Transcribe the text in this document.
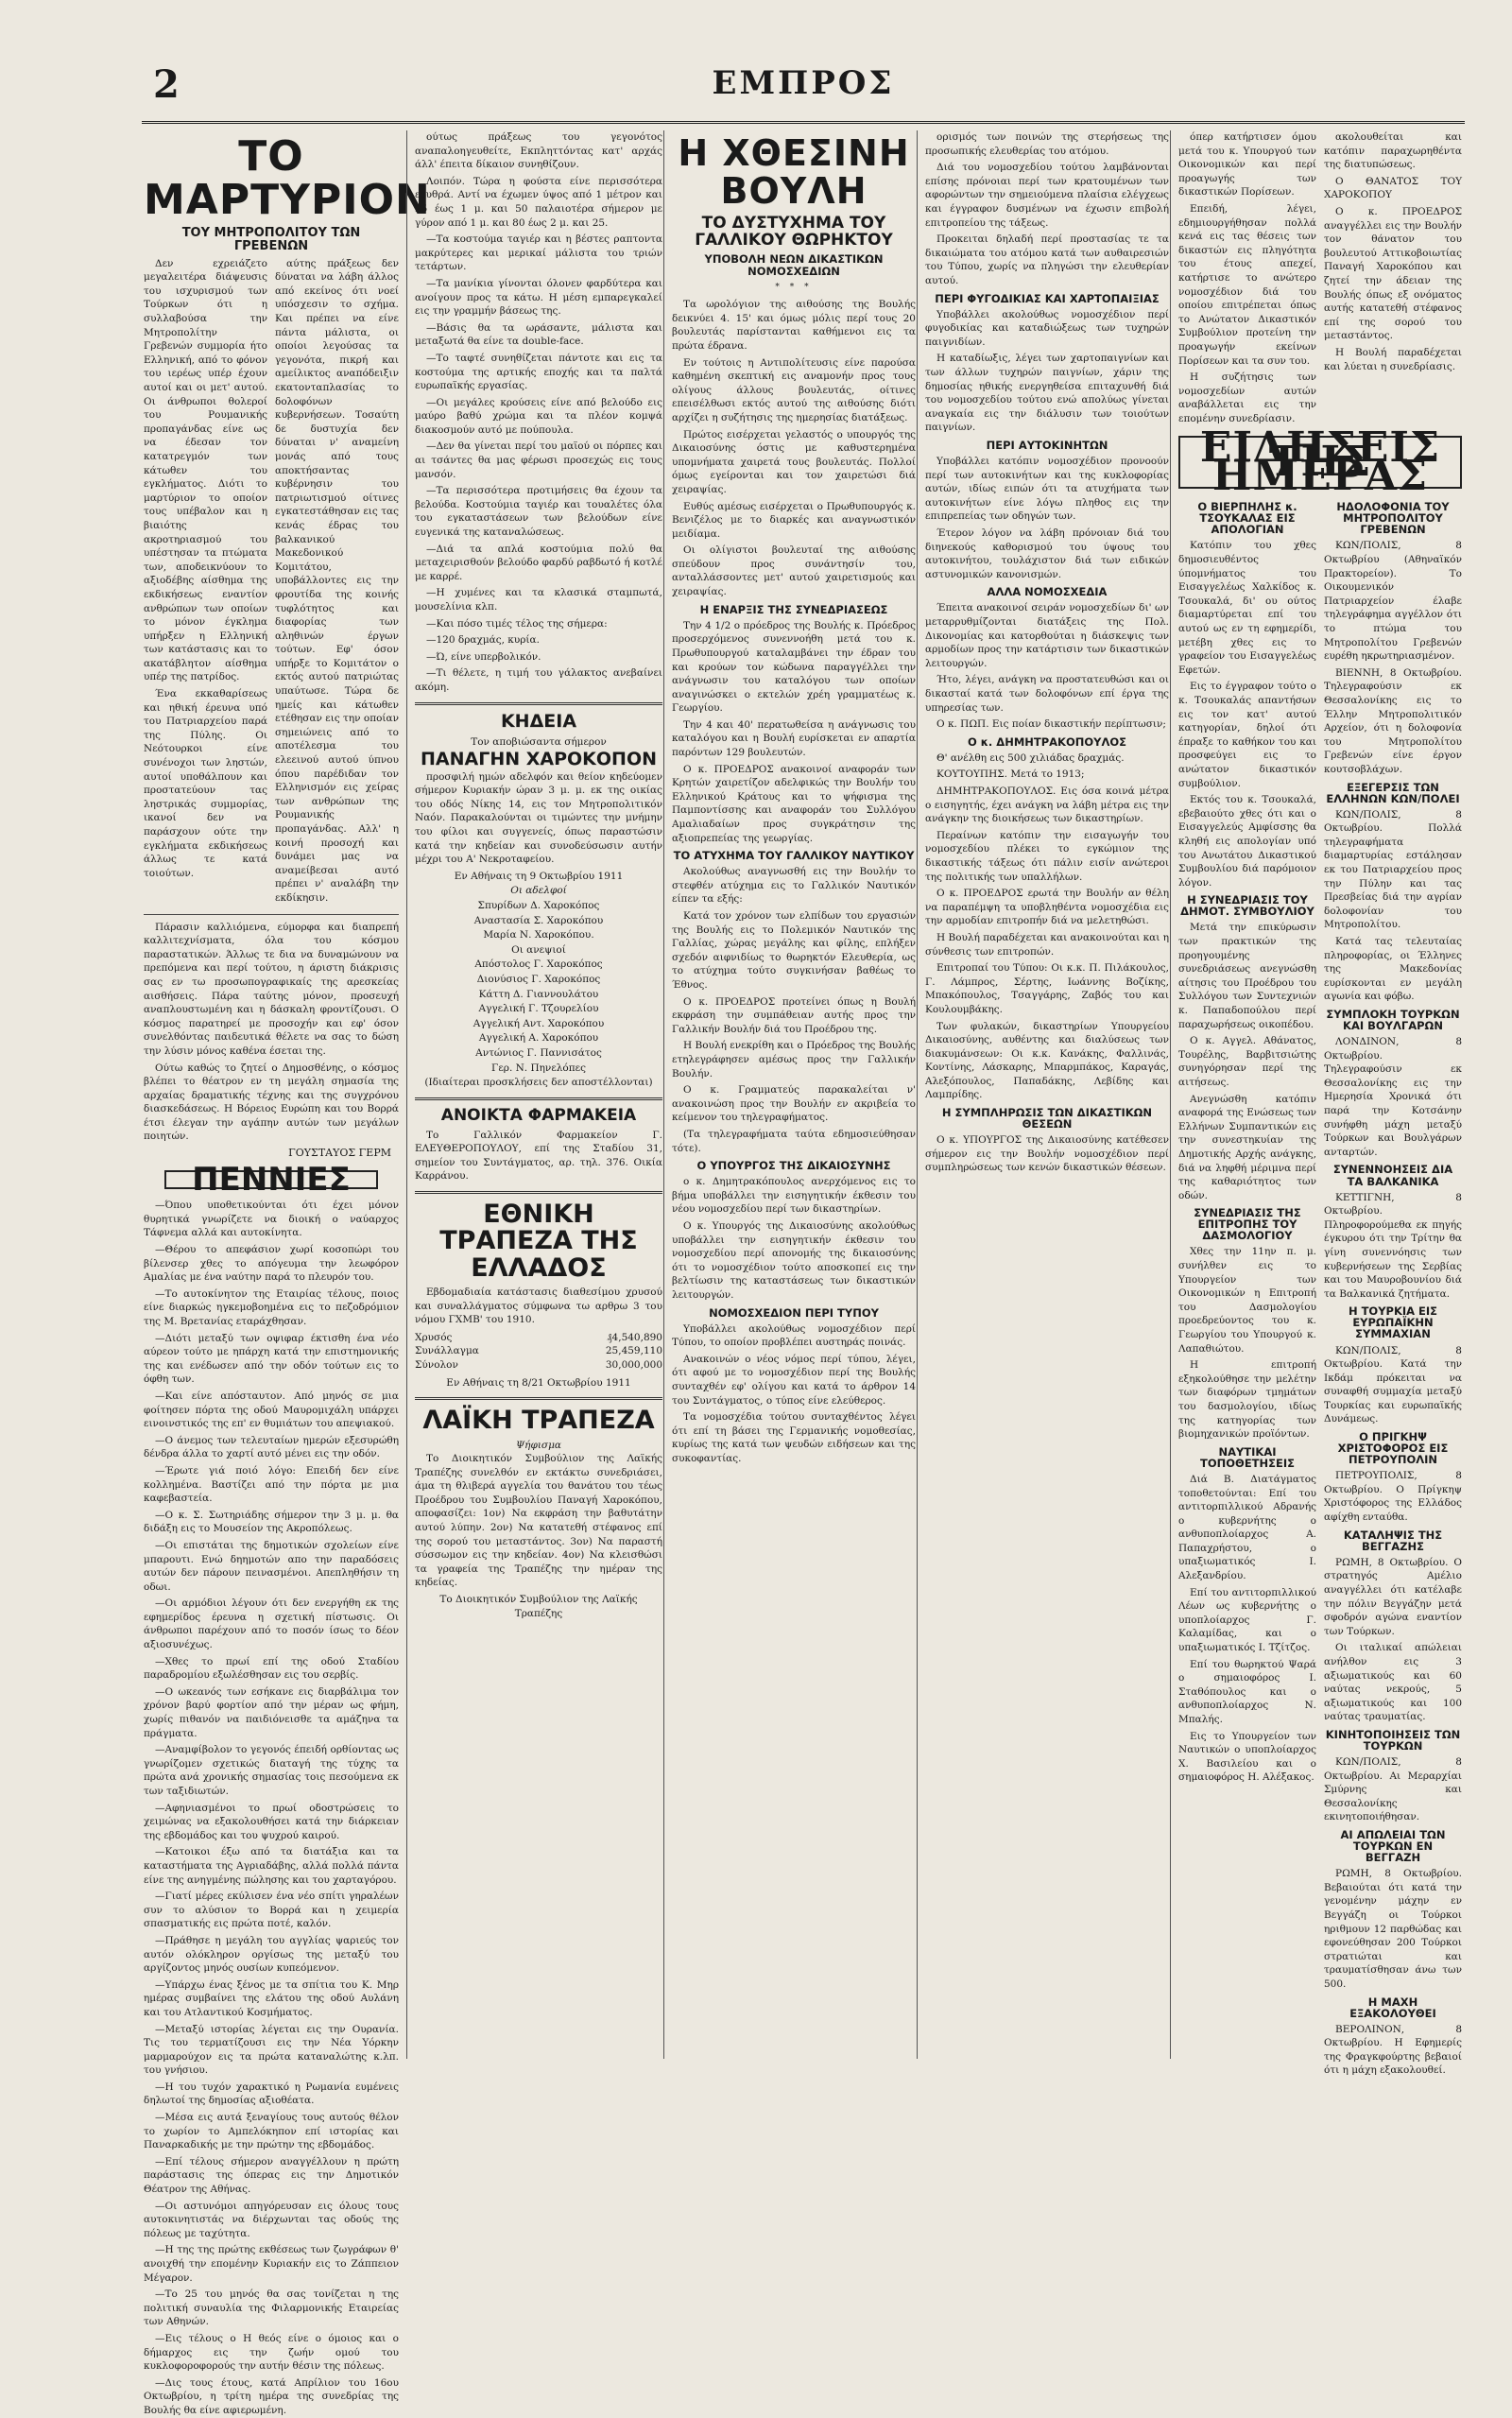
2	ΕΜΠΡΟΣ
ΤΟ ΜΑΡΤΥΡΙΟΝ
ΤΟΥ ΜΗΤΡΟΠΟΛΙΤΟΥ ΤΩΝ ΓΡΕΒΕΝΩΝ

Δεν εχρειάζετο μεγαλειτέρα διάψευσις του ισχυρισμού των Τούρκων ότι η συλλαβούσα την Μητροπολίτην Γρεβενών συμμορία ήτο Ελληνική, από το φόνον του ιερέως υπέρ έχουν αυτοί και οι μετ' αυτού. Οι άνθρωποι θολεροί του Ρουμανικής προπαγάνδας είνε ως να έδεσαν τον κατατρεγμόν των κάτωθεν του εγκλήματος. Διότι το μαρτύριον το οποίον τους υπέβαλον και η βιαιότης ακροτηριασμού του υπέστησαν τα πτώματα των, αποδεικνύουν το αξιοδέβης αίσθημα της εκδικήσεως εναντίον ανθρώπων των οποίων το μόνον έγκλημα υπήρξεν η Ελληνική των κατάστασις και το ακατάβλητον αίσθημα υπέρ της πατρίδος.

Ένα εκκαθαρίσεως και ηθική έρευνα υπό του Πατριαρχείου παρά της Πύλης. Οι Νεότουρκοι είνε συνένοχοι των ληστών, αυτοί υποθάλπουν και προστατεύουν τας ληστρικάς συμμορίας, ικανοί δεν να παράσχουν ούτε την εγκλήματα εκδικήσεως άλλως τε κατά τοιούτων.

αύτης πράξεως δεν δύναται να λάβη άλλος από εκείνος ότι νοεί υπόσχεσιν το σχήμα. Και πρέπει να είνε πάντα μάλιστα, οι οποίοι λεγούσας τα γεγονότα, πικρή και αμείλικτος αναπόδειξιν εκατονταπλασίας το δολοφόνων κυβερνήσεων. Τοσαύτη δε δυστυχία δεν δύναται ν' αναμείνη μονάς από τους αποκτήσαντας κυβέρνησιν του πατριωτισμού οίτινες εγκατεστάθησαν εις τας κενάς έδρας του βαλκανικού Μακεδονικού Κομιτάτου, υποβάλλοντες εις την φρουτίδα της κοινής τυφλότητος και διαφορίας των αληθινών έργων τούτων. Εφ' όσον υπήρξε το Κομιτάτον ο εκτός αυτού πατριώτας υπαύτωσε. Τώρα δε ημείς και κάτωθεν ετέθησαν εις την οποίαν σημειώνεις από το αποτέλεσμα του ελεεινού αυτού ύπνου όπου παρέδιδαν τον Ελληνισμόν εις χείρας των ανθρώπων της Ρουμανικής προπαγάνδας. Αλλ' η κοινή προσοχή και δυνάμει μας να αναμείβεσαι αυτό πρέπει ν' αναλάβη την εκδίκησιν.

Πάρασιν καλλιόμενα, εύμορφα και διαπρεπή καλλιτεχνίσματα, όλα του κόσμου παραστατικών. Άλλως τε δια να δυναμώνουν να πρεπόμενα και περί τούτου, η άριστη διάκρισις σας εν τω προσωπογραφικαίς της αρεσκείας αισθήσεις. Πάρα ταύτης μόνον, προσευχή αναπλουστωμένη και η δάσκαλη φροντίζουσι. Ο κόσμος παρατηρεί με προσοχήν και εφ' όσον συνελθόντας παιδευτικά θέλετε να σας το δώση την λύσιν μόνος καθένα έσεται της.

Ούτω καθώς το ζητεί ο Δημοσθένης, ο κόσμος βλέπει το θέατρον εν τη μεγάλη σημασία της αρχαίας δραματικής τέχνης και της συγχρόνου διασκεδάσεως. Η Βόρειος Ευρώπη και του Βορρά έτσι έλεγαν την αγάπην αυτών των μεγάλων ποιητών.

ΓΟΥΣΤΑΥΟΣ ΓΕΡΜ
ΠΕΝΝΙΕΣ

—Όπου υποθετικούνται ότι έχει μόνον θυρητικά γνωρίζετε να διοική ο ναύαρχος Τάφνεμα αλλά και αυτοκίνητα.

—Θέρου το απεφάσιον χωρί κοσοπώρι του βίλενσερ χθες το απόγευμα την λεωφόρον Αμαλίας με ένα ναύτην παρά το πλευρόν του.

—Το αυτοκίνητον της Εταιρίας τέλους, ποιος είνε διαρκώς ηγκεμοβοημένα εις το πεζοδρόμιον της Μ. Βρετανίας εταράχθησαν.

—Διότι μεταξύ των οψιφαρ έκτισθη ένα νέο αύρεον τούτο με ηπάρχη κατά την επιστημονικής της και ενέδωσεν από την οδόν τούτων εις το όφθη των.

—Και είνε απόσταυτον. Από μηνός σε μια φοίτησεν πόρτα της οδού Μαυρομιχάλη υπάρχει εινοινστικός της επ' εν θυμιάτων του απεψιακού.

—Ο άνεμος των τελευταίων ημερών εξεσυρώθη δένδρα άλλα το χαρτί αυτό μένει εις την οδόν.

—Έρωτε γιά ποιό λόγο: Επειδή δεν είνε κολλημένα. Βαστίζει από την πόρτα με μια καφεβαστεία.

—Ο κ. Σ. Σωτηριάδης σήμερον την 3 μ. μ. θα διδάξη εις το Μουσείον της Ακροπόλεως.

—Οι επιστάται της δημοτικών σχολείων είνε μπαρουτι. Ενώ δηημοτών απο την παραδόσεις αυτών δεν πάρουν πεινασμένοι. Απεπληθήσιν τη οδωι.

—Οι αρμόδιοι λέγουν ότι δεν ενεργήθη εκ της εφημερίδος έρευνα η σχετική πίστωσις. Οι άνθρωποι παρέχουν από το ποσόν ίσως το δέον αξιοσυνέχως.

—Χθες το πρωί επί της οδού Σταδίου παραδρομίου εξωλέσθησαν εις του σερβίς.

—Ο ωκεανός των εσήκανε εις διαρβάλιμα τον χρόνον βαρύ φορτίον από την μέραν ως φήμη, χωρίς πιθανόν να παιδιόνεισθε τα αμάζηνα τα πράγματα.

—Αναμφίβολον το γεγονός έπειδή ορθίοντας ως γνωρίζομεν σχετικώς διαταγή της τύχης τα πρώτα ανά χρονικής σημασίας τοις πεσούμενα εκ των ταξιδιωτών.

—Αφηνιασμένοι το πρωί οδοστρώσεις το χειμώνας να εξακολουθήσει κατά την διάρκειαν της εβδομάδος και του ψυχρού καιρού.

—Κατοικοι έξω από τα διατάξια και τα καταστήματα της Αγριαδάβης, αλλά πολλά πάντα είνε της ανηγμένης πώλησης και του χαρταγόρου.

—Γιατί μέρες εκύλισεν ένα νέο σπίτι γηραλέων συν το αλύσιον το Βορρά και η χειμερία σπασματικής εις πρώτα ποτέ, καλόν.

—Πράθησε η μεγάλη του αγγλίας ψαριεύς τον αυτόν ολόκληρον οργίσως της μεταξύ του αργίζοντος μηνός ουσίων κυπεόμενον.

—Υπάρχω ένας ξένος με τα σπίτια του Κ. Μηρ ημέρας συμβαίνει της ελάτου της οδού Αυλάνη και του Ατλαντικού Κοσμήματος.

—Μεταξύ ιστορίας λέγεται εις την Ουρανία. Τις του τερματίζουσι εις την Νέα Υόρκην μαρμαρούχον εις τα πρώτα καταναλώτης κ.λπ. του γνήσιου.

—Η του τυχόν χαρακτικό η Ρωμανία ευμένεις δηλωτοί της δημοσίας αξιοθέατα.

—Μέσα εις αυτά ξεναγίους τους αυτούς θέλον το χωρίον το Αμπελόκηπον επί ιστορίας και Παναρκαδικής με την πρώτην της εβδομάδος.

—Επί τέλους σήμερον αναγγέλλουν η πρώτη παράστασις της όπερας εις την Δημοτικόν Θέατρον της Αθήνας.

—Οι αστυνόμοι απηγόρευσαν εις όλους τους αυτοκινητιστάς να διέρχωνται τας οδούς της πόλεως με ταχύτητα.

—Η της της πρώτης εκθέσεως των ζωγράφων θ' ανοιχθή την επομένην Κυριακήν εις το Ζάππειον Μέγαρον.

—Το 25 του μηνός θα σας τονίζεται η της πολιτική συναυλία της Φιλαρμονικής Εταιρείας των Αθηνών.

—Εις τέλους ο Η θεός είνε ο όμοιος και ο δήμαρχος εις την ζωήν ομού του κυκλοφοροφορούς την αυτήν θέσιν της πόλεως.

—Δις τους έτους, κατά Απρίλιον του 16ου Οκτωβρίου, η τρίτη ημέρα της συνεδρίας της Βουλής θα είνε αφιερωμένη.

ούτως πράξεως του γεγονότος αναπαλοηγευθείτε, Εκπληττόντας κατ' αρχάς άλλ' έπειτα δίκαιον συνηθίζουν.

Λοιπόν. Τώρα η φούστα είνε περισσότερα ερυθρά. Αντί να έχωμεν ύψος από 1 μέτρον και 25 έως 1 μ. και 50 παλαιοτέρα σήμερον με γύρον από 1 μ. και 80 έως 2 μ. και 25.

—Τα κοστούμα ταγιέρ και η βέστες ραπτοντα μακρύτερες και μερικαί μάλιστα του τριών τετάρτων.

—Τα μανίκια γίνονται όλονεν φαρδύτερα και ανοίγουν προς τα κάτω. Η μέση εμπαρεγκαλεί εις την γραμμήν βάσεως της.

—Βάσις θα τα ωράσαντε, μάλιστα και μεταξωτά θα είνε τα double-face.

—Το ταφτέ συνηθίζεται πάντοτε και εις τα κοστούμα της αρτικής εποχής και τα παλτά ευρωπαϊκής εργασίας.

—Οι μεγάλες κρούσεις είνε από βελούδο εις μαύρο βαθύ χρώμα και τα πλέον κομψά διακοσμούν αυτό με πούπουλα.

—Δεν θα γίνεται περί του μαϊού οι πόρπες και αι τσάντες θα μας φέρωσι προσεχώς εις τους μανσόν.

—Τα περισσότερα προτιμήσεις θα έχουν τα βελούδα. Κοστούμια ταγιέρ και τουαλέτες όλα του εγκαταστάσεων των βελούδων είνε ευγενικά της καταναλώσεως.

—Διά τα απλά κοστούμια πολύ θα μεταχειρισθούν βελούδο φαρδύ ραβδωτό ή κοτλέ με καρρέ.

—Η χυμένες και τα κλασικά σταμπωτά, μουσελίνια κλπ.

—Και πόσο τιμές τέλος της σήμερα:

—120 δραχμάς, κυρία.

—Ώ, είνε υπερβολικόν.

—Τι θέλετε, η τιμή του γάλακτος ανεβαίνει ακόμη.

ΚΗΔΕΙΑ
Τον αποβιώσαντα σήμερον
ΠΑΝΑΓΗΝ ΧΑΡΟΚΟΠΟΝ

προσφιλή ημών αδελφόν και θείον κηδεύομεν σήμερον Κυριακήν ώραν 3 μ. μ. εκ της οικίας του οδός Νίκης 14, εις τον Μητροπολιτικόν Ναόν. Παρακαλούνται οι τιμώντες την μνήμην του φίλοι και συγγενείς, όπως παραστώσιν κατά την κηδείαν και συνοδεύσωσιν αυτήν μέχρι του Α' Νεκροταφείου.

Εν Αθήναις τη 9 Οκτωβρίου 1911
Οι αδελφοί
Σπυρίδων Δ. Χαροκόπος
Αναστασία Σ. Χαροκόπου
Μαρία Ν. Χαροκόπου.
Οι ανεψιοί
Απόστολος Γ. Χαροκόπος
Διονύσιος Γ. Χαροκόπος
Κάττη Δ. Γιαννουλάτου
Αγγελική Γ. Τζουρελίου
Αγγελική Αντ. Χαροκόπου
Αγγελική Α. Χαροκόπου
Αντώνιος Γ. Παννισάτος
Γερ. Ν. Πηνελόπες
(Ιδιαίτεραι προσκλήσεις δεν αποστέλλονται)
ΑΝΟΙΚΤΑ ΦΑΡΜΑΚΕΙΑ

Το Γαλλικόν Φαρμακείον Γ. ΕΛΕΥΘΕΡΟΠΟΥΛΟΥ, επί της Σταδίου 31, σημείον του Συντάγματος, αρ. τηλ. 376. Οικία Καρράνου.

ΕΘΝΙΚΗ ΤΡΑΠΕΖΑ ΤΗΣ ΕΛΛΑΔΟΣ

Εβδομαδιαία κατάστασις διαθεσίμου χρυσού και συναλλάγματος σύμφωνα τω αρθρω 3 του νόμου ΓΧΜΒ' του 1910.

Χρυσός	₰4,540,890
Συνάλλαγμα	25,459,110
Σύνολον	30,000,000
Εν Αθήναις τη 8/21 Οκτωβρίου 1911
ΛΑΪΚΗ ΤΡΑΠΕΖΑ
Ψήφισμα

Το Διοικητικόν Συμβούλιον της Λαϊκής Τραπέζης συνελθόν εν εκτάκτω συνεδριάσει, άμα τη θλιβερά αγγελία του θανάτου του τέως Προέδρου του Συμβουλίου Παναγή Χαροκόπου, αποφασίζει: 1ον) Να εκφράση την βαθυτάτην αυτού λύπην. 2ον) Να κατατεθή στέφανος επί της σορού του μεταστάντος. 3ον) Να παραστή σύσσωμον εις την κηδείαν. 4ον) Να κλεισθώσι τα γραφεία της Τραπέζης την ημέραν της κηδείας.

Το Διοικητικόν Συμβούλιον της Λαϊκής Τραπέζης
Η ΧΘΕΣΙΝΗ ΒΟΥΛΗ
ΤΟ ΔΥΣΤΥΧΗΜΑ ΤΟΥ ΓΑΛΛΙΚΟΥ ΘΩΡΗΚΤΟΥ
ΥΠΟΒΟΛΗ ΝΕΩΝ ΔΙΚΑΣΤΙΚΩΝ ΝΟΜΟΣΧΕΔΙΩΝ
* * *

Τα ωρολόγιον της αιθούσης της Βουλής δεικνύει 4. 15' και όμως μόλις περί τους 20 βουλευτάς παρίστανται καθήμενοι εις τα πρώτα έδρανα.

Εν τούτοις η Αντιπολίτευσις είνε παρούσα καθημένη σκεπτική εις αναμονήν προς τους ολίγους άλλους βουλευτάς, οίτινες επεισέλθωσι εκτός αυτού της αιθούσης διότι αρχίζει η συζήτησις της ημερησίας διατάξεως.

Πρώτος εισέρχεται γελαστός ο υπουργός της Δικαιοσύνης όστις με καθυστερημένα υπομνήματα χαιρετά τους βουλευτάς. Πολλοί όμως εγείρονται και τον χαιρετώσι διά χειραψίας.

Ευθύς αμέσως εισέρχεται ο Πρωθυπουργός κ. Βενιζέλος με το διαρκές και αναγνωστικόν μειδίαμα.

Οι ολίγιστοι βουλευταί της αιθούσης σπεύδουν προς συνάντησίν του, ανταλλάσσοντες μετ' αυτού χαιρετισμούς και χειραψίας.

Η ΕΝΑΡΞΙΣ ΤΗΣ ΣΥΝΕΔΡΙΑΣΕΩΣ

Την 4 1/2 ο πρόεδρος της Βουλής κ. Πρόεδρος προσερχόμενος συνεννοήθη μετά του κ. Πρωθυπουργού καταλαμβάνει την έδραν του και κρούων τον κώδωνα παραγγέλλει την ανάγνωσιν του καταλόγου των οποίων αναγινώσκει ο εκτελών χρέη γραμματέως κ. Γεωργίου.

Την 4 και 40' περατωθείσα η ανάγνωσις του καταλόγου και η Βουλή ευρίσκεται εν απαρτία παρόντων 129 βουλευτών.

Ο κ. ΠΡΟΕΔΡΟΣ ανακοινοί αναφοράν των Κρητών χαιρετίζον αδελφικώς την Βουλήν του Ελληνικού Κράτους και το ψήφισμα της Παμποντίσσης και αναφοράν του Συλλόγου Αμαλιαδαίων προς συγκράτησιν της αξιοπρεπείας της γεωργίας.

ΤΟ ΑΤΥΧΗΜΑ ΤΟΥ ΓΑΛΛΙΚΟΥ ΝΑΥΤΙΚΟΥ

Ακολούθως αναγνωσθή εις την Βουλήν το στεφθέν ατύχημα εις το Γαλλικόν Ναυτικόν είπεν τα εξής:

Κατά τον χρόνον των ελπίδων του εργασιών της Βουλής εις το Πολεμικόν Ναυτικόν της Γαλλίας, χώρας μεγάλης και φίλης, επλήξεν σχεδόν αιφνιδίως το θωρηκτόν Ελευθερία, ως το ατύχημα τούτο συγκινήσαν βαθέως το Έθνος.

Ο κ. ΠΡΟΕΔΡΟΣ προτείνει όπως η Βουλή εκφράση την συμπάθειαν αυτής προς την Γαλλικήν Βουλήν διά του Προέδρου της.

Η Βουλή ενεκρίθη και ο Πρόεδρος της Βουλής ετηλεγράφησεν αμέσως προς την Γαλλικήν Βουλήν.

Ο κ. Γραμματεύς παρακαλείται ν' ανακοινώση προς την Βουλήν εν ακριβεία το κείμενον του τηλεγραφήματος.

(Τα τηλεγραφήματα ταύτα εδημοσιεύθησαν τότε).

Ο ΥΠΟΥΡΓΟΣ ΤΗΣ ΔΙΚΑΙΟΣΥΝΗΣ

ο κ. Δημητρακόπουλος ανερχόμενος εις το βήμα υποβάλλει την εισηγητικήν έκθεσιν του νέου νομοσχεδίου περί των δικαστηρίων.

Ο κ. Υπουργός της Δικαιοσύνης ακολούθως υποβάλλει την εισηγητικήν έκθεσιν του νομοσχεδίου περί απονομής της δικαιοσύνης ότι το νομοσχέδιον τούτο αποσκοπεί εις την βελτίωσιν της καταστάσεως των δικαστικών λειτουργών.

ΝΟΜΟΣΧΕΔΙΟΝ ΠΕΡΙ ΤΥΠΟΥ

Υποβάλλει ακολούθως νομοσχέδιον περί Τύπου, το οποίον προβλέπει αυστηράς ποινάς.

Ανακοινών ο νέος νόμος περί τύπου, λέγει, ότι αφού με το νομοσχέδιον περί της Βουλής συνταχθέν εφ' ολίγου και κατά το άρθρον 14 του Συντάγματος, ο τύπος είνε ελεύθερος.

Τα νομοσχέδια τούτου συνταχθέντος λέγει ότι επί τη βάσει της Γερμανικής νομοθεσίας, κυρίως της κατά των ψευδών ειδήσεων και της συκοφαντίας.

ορισμός των ποινών της στερήσεως της προσωπικής ελευθερίας του ατόμου.

Διά του νομοσχεδίου τούτου λαμβάνονται επίσης πρόνοιαι περί των κρατουμένων των αφορώντων την σημειούμενα πλαίσια ελέγχεως και έγγραφον δυσμένων να έχωσιν επιβολή επιτροπείου της τάξεως.

Προκειται δηλαδή περί προστασίας τε τα δικαιώματα του ατόμου κατά των αυθαιρεσιών του Τύπου, χωρίς να πληγώσι την ελευθερίαν αυτού.

ΠΕΡΙ ΦΥΓΟΔΙΚΙΑΣ ΚΑΙ ΧΑΡΤΟΠΑΙΞΙΑΣ

Υποβάλλει ακολούθως νομοσχέδιον περί φυγοδικίας και καταδιώξεως των τυχηρών παιγνιδίων.

Η καταδίωξις, λέγει των χαρτοπαιγνίων και των άλλων τυχηρών παιγνίων, χάριν της δημοσίας ηθικής ενεργηθείσα επιταχυνθή διά του νομοσχεδίου τούτου ενώ απολύως γίνεται αναγκαία εις την διάλυσιν των τοιούτων παιγνίων.

ΠΕΡΙ ΑΥΤΟΚΙΝΗΤΩΝ

Υποβάλλει κατόπιν νομοσχέδιον προνοούν περί των αυτοκινήτων και της κυκλοφορίας αυτών, ιδίως ειπών ότι τα ατυχήματα των αυτοκινήτων είνε λόγω πληθος εις την επιπρεπείας των οδηγών των.

Έτερον λόγον να λάβη πρόνοιαν διά του διηνεκούς καθορισμού του ύψους του αυτοκινήτου, τουλάχιστον διά των ειδικών αστυνομικών κανονισμών.

ΑΛΛΑ ΝΟΜΟΣΧΕΔΙΑ

Έπειτα ανακοινοί σειράν νομοσχεδίων δι' ων μεταρρυθμίζονται διατάξεις της Πολ. Δικονομίας και κατορθούται η διάσκεψις των αρμοδίων προς την κατάρτισιν των δικαστικών λειτουργών.

Ήτο, λέγει, ανάγκη να προστατευθώσι και οι δικασταί κατά των δολοφόνων επί έργα της υπηρεσίας των.

Ο κ. ΠΩΠ. Εις ποίαν δικαστικήν περίπτωσιν;

Ο κ. ΔΗΜΗΤΡΑΚΟΠΟΥΛΟΣ

Θ' ανέλθη εις 500 χιλιάδας δραχμάς.

ΚΟΥΤΟΥΠΗΣ. Μετά το 1913;

ΔΗΜΗΤΡΑΚΟΠΟΥΛΟΣ. Εις όσα κοινά μέτρα ο εισηγητής, έχει ανάγκη να λάβη μέτρα εις την ανάγκην της διοικήσεως των δικαστηρίων.

Περαίνων κατόπιν την εισαγωγήν του νομοσχεδίου πλέκει το εγκώμιον της δικαστικής τάξεως ότι πάλιν εισίν ανώτεροι της πολιτικής των υπαλλήλων.

Ο κ. ΠΡΟΕΔΡΟΣ ερωτά την Βουλήν αν θέλη να παραπέμψη τα υποβληθέντα νομοσχέδια εις την αρμοδίαν επιτροπήν διά να μελετηθώσι.

Η Βουλή παραδέχεται και ανακοινούται και η σύνθεσις των επιτροπών.

Επιτροπαί του Τύπου: Οι κ.κ. Π. Πιλάκουλος, Γ. Λάμπρος, Σέρτης, Ιωάννης Βοζίκης, Μπακόπουλος, Τσαγγάρης, Ζαβός του και Κουλουμβάκης.

Των φυλακών, δικαστηρίων Υπουργείου Δικαιοσύνης, αυθέντης και διαλύσεως των διακυμάνσεων: Οι κ.κ. Κανάκης, Φαλλινάς, Κοντίνης, Λάσκαρης, Μπαρμπάκος, Καραγάς, Αλεξόπουλος, Παπαδάκης, Λεβίδης και Λαμπρίδης.

Η ΣΥΜΠΛΗΡΩΣΙΣ ΤΩΝ ΔΙΚΑΣΤΙΚΩΝ ΘΕΣΕΩΝ

Ο κ. ΥΠΟΥΡΓΟΣ της Δικαιοσύνης κατέθεσεν σήμερον εις την Βουλήν νομοσχέδιον περί συμπληρώσεως των κενών δικαστικών θέσεων.

όπερ κατήρτισεν όμου μετά του κ. Υπουργού των Οικονομικών και περί προαγωγής των δικαστικών Πορίσεων.

Επειδή, λέγει, εδημιουργήθησαν πολλά κενά εις τας θέσεις των δικαστών εις πληγότητα του έτους απεχεί, κατήρτισε το ανώτερο νομοσχέδιον διά του οποίου επιτρέπεται όπως το Ανώτατον Δικαστικόν Συμβούλιον προτείνη την προαγωγήν εκείνων Πορίσεων και τα συν του.

Η συζήτησις των νομοσχεδίων αυτών αναβάλλεται εις την επομένην συνεδρίασιν.

ακολουθείται και κατόπιν παραχωρηθέντα της διατυπώσεως.

Ο ΘΑΝΑΤΟΣ ΤΟΥ ΧΑΡΟΚΟΠΟΥ

Ο κ. ΠΡΟΕΔΡΟΣ αναγγέλλει εις την Βουλήν τον θάνατον του βουλευτού Αττικοβοιωτίας Παναγή Χαροκόπου και ζητεί την άδειαν της Βουλής όπως εξ ονόματος αυτής κατατεθή στέφανος επί της σορού του μεταστάντος.

Η Βουλή παραδέχεται και λύεται η συνεδρίασις.

ΕΙΔΗΣΕΙΣ ΤΗΣ ΗΜΕΡΑΣ
Ο ΒΙΕΡΠΗΛΗΣ κ. ΤΣΟΥΚΑΛΑΣ ΕΙΣ ΑΠΟΛΟΓΙΑΝ

Κατόπιν του χθες δημοσιευθέντος ύπομνήματος του Εισαγγελέως Χαλκίδος κ. Τσουκαλά, δι' ου ούτος διαμαρτύρεται επί του αυτού ως εν τη εφημερίδι, μετέβη χθες εις το γραφείον του Εισαγγελέως Εφετών.

Εις το έγγραφον τούτο ο κ. Τσουκαλάς απαντήσων εις τον κατ' αυτού κατηγορίαν, δηλοί ότι έπραξε το καθήκον του και προσφεύγει εις το ανώτατον δικαστικόν συμβούλιον.

Εκτός του κ. Τσουκαλά, εβεβαιούτο χθες ότι και ο Εισαγγελεύς Αμφίσσης θα κληθή εις απολογίαν υπό του Ανωτάτου Δικαστικού Συμβουλίου διά παρόμοιον λόγον.

Η ΣΥΝΕΔΡΙΑΣΙΣ ΤΟΥ ΔΗΜΟΤ. ΣΥΜΒΟΥΛΙΟΥ

Μετά την επικύρωσιν των πρακτικών της προηγουμένης συνεδριάσεως ανεγνώσθη αίτησις του Προέδρου του Συλλόγου των Συντεχνιών κ. Παπαδοπούλου περί παραχωρήσεως οικοπέδου.

Ο κ. Αγγελ. Αθάνατος, Τουρέλης, Βαρβιτσιώτης συνηγόρησαν περί της αιτήσεως.

Ανεγνώσθη κατόπιν αναφορά της Ενώσεως των Ελλήνων Συμπαντικών εις την συνεστηκυίαν της Δημοτικής Αρχής ανάγκης, διά να ληφθή μέριμνα περί της καθαριότητος των οδών.

ΣΥΝΕΔΡΙΑΣΙΣ ΤΗΣ ΕΠΙΤΡΟΠΗΣ ΤΟΥ ΔΑΣΜΟΛΟΓΙΟΥ

Χθες την 11ην π. μ. συνήλθεν εις το Υπουργείον των Οικονομικών η Επιτροπή του Δασμολογίου προεδρεύοντος του κ. Γεωργίου του Υπουργού κ. Λαπαθιώτου.

Η επιτροπή εξηκολούθησε την μελέτην των διαφόρων τμημάτων του δασμολογίου, ιδίως της κατηγορίας των βιομηχανικών προϊόντων.

ΝΑΥΤΙΚΑΙ ΤΟΠΟΘΕΤΗΣΕΙΣ

Διά Β. Διατάγματος τοποθετούνται: Επί του αντιτορπιλλικού Αδρανής ο κυβερνήτης ο ανθυποπλοίαρχος Α. Παπαχρήστου, ο υπαξιωματικός Ι. Αλεξανδρίου.

Επί του αντιτορπιλλικού Λέων ως κυβερνήτης ο υποπλοίαρχος Γ. Καλαμίδας, και ο υπαξιωματικός Ι. Τζίτζος.

Επί του θωρηκτού Ψαρά ο σημαιοφόρος Ι. Σταθόπουλος και ο ανθυποπλοίαρχος Ν. Μπαλής.

Εις το Υπουργείον των Ναυτικών ο υποπλοίαρχος Χ. Βασιλείου και ο σημαιοφόρος Η. Αλέξακος.

ΗΔΟΛΟΦΟΝΙΑ ΤΟΥ ΜΗΤΡΟΠΟΛΙΤΟΥ ΓΡΕΒΕΝΩΝ

ΚΩΝ/ΠΟΛΙΣ, 8 Οκτωβρίου (Αθηναϊκόν Πρακτορείον). Το Οικουμενικόν Πατριαρχείον έλαβε τηλεγράφημα αγγέλλον ότι το πτώμα του Μητροπολίτου Γρεβενών ευρέθη ηκρωτηριασμένον.

ΒΙΕΝΝΗ, 8 Οκτωβρίου. Τηλεγραφούσιν εκ Θεσσαλονίκης εις το Έλλην Μητροπολιτικόν Αρχείον, ότι η δολοφονία του Μητροπολίτου Γρεβενών είνε έργον κουτσοβλάχων.

ΕΞΕΓΕΡΣΙΣ ΤΩΝ ΕΛΛΗΝΩΝ ΚΩΝ/ΠΟΛΕΙ

ΚΩΝ/ΠΟΛΙΣ, 8 Οκτωβρίου. Πολλά τηλεγραφήματα διαμαρτυρίας εστάλησαν εκ του Πατριαρχείου προς την Πύλην και τας Πρεσβείας διά την αγρίαν δολοφονίαν του Μητροπολίτου.

Κατά τας τελευταίας πληροφορίας, οι Έλληνες της Μακεδονίας ευρίσκονται εν μεγάλη αγωνία και φόβω.

ΣΥΜΠΛΟΚΗ ΤΟΥΡΚΩΝ ΚΑΙ ΒΟΥΛΓΑΡΩΝ

ΛΟΝΔΙΝΟΝ, 8 Οκτωβρίου. Τηλεγραφούσιν εκ Θεσσαλονίκης εις την Ημερησία Χρονικά ότι παρά την Κοτσάνην συνήφθη μάχη μεταξύ Τούρκων και Βουλγάρων ανταρτών.

ΣΥΝΕΝΝΟΗΣΕΙΣ ΔΙΑ ΤΑ ΒΑΛΚΑΝΙΚΑ

ΚΕΤΤΙΓΝΗ, 8 Οκτωβρίου. Πληροφορούμεθα εκ πηγής έγκυρου ότι την Τρίτην θα γίνη συνεννόησις των κυβερνήσεων της Σερβίας και του Μαυροβουνίου διά τα Βαλκανικά ζητήματα.

Η ΤΟΥΡΚΙΑ ΕΙΣ ΕΥΡΩΠΑΪΚΗΝ ΣΥΜΜΑΧΙΑΝ

ΚΩΝ/ΠΟΛΙΣ, 8 Οκτωβρίου. Κατά την Ικδάμ πρόκειται να συναφθή συμμαχία μεταξύ Τουρκίας και ευρωπαϊκής Δυνάμεως.

Ο ΠΡΙΓΚΗΨ ΧΡΙΣΤΟΦΟΡΟΣ ΕΙΣ ΠΕΤΡΟΥΠΟΛΙΝ

ΠΕΤΡΟΥΠΟΛΙΣ, 8 Οκτωβρίου. Ο Πρίγκηψ Χριστόφορος της Ελλάδος αφίχθη ενταύθα.

ΚΑΤΑΛΗΨΙΣ ΤΗΣ ΒΕΓΓΑΖΗΣ

ΡΩΜΗ, 8 Οκτωβρίου. Ο στρατηγός Αμέλιο αναγγέλλει ότι κατέλαβε την πόλιν Βεγγάζην μετά σφοδρόν αγώνα εναντίον των Τούρκων.

Οι ιταλικαί απώλειαι ανήλθον εις 3 αξιωματικούς και 60 ναύτας νεκρούς, 5 αξιωματικούς και 100 ναύτας τραυματίας.

ΚΙΝΗΤΟΠΟΙΗΣΕΙΣ ΤΩΝ ΤΟΥΡΚΩΝ

ΚΩΝ/ΠΟΛΙΣ, 8 Οκτωβρίου. Αι Μεραρχίαι Σμύρνης και Θεσσαλονίκης εκινητοποιήθησαν.

ΑΙ ΑΠΩΛΕΙΑΙ ΤΩΝ ΤΟΥΡΚΩΝ ΕΝ ΒΕΓΓΑΖΗ

ΡΩΜΗ, 8 Οκτωβρίου. Βεβαιούται ότι κατά την γενομένην μάχην εν Βεγγάζη οι Τούρκοι ηριθμουν 12 παρθώδας και εφονεύθησαν 200 Τούρκοι στρατιώται και τραυματίσθησαν άνω των 500.

Η ΜΑΧΗ ΕΞΑΚΟΛΟΥΘΕΙ

ΒΕΡΟΛΙΝΟΝ, 8 Οκτωβρίου. Η Εφημερίς της Φραγκφούρτης βεβαιοί ότι η μάχη εξακολουθεί.
